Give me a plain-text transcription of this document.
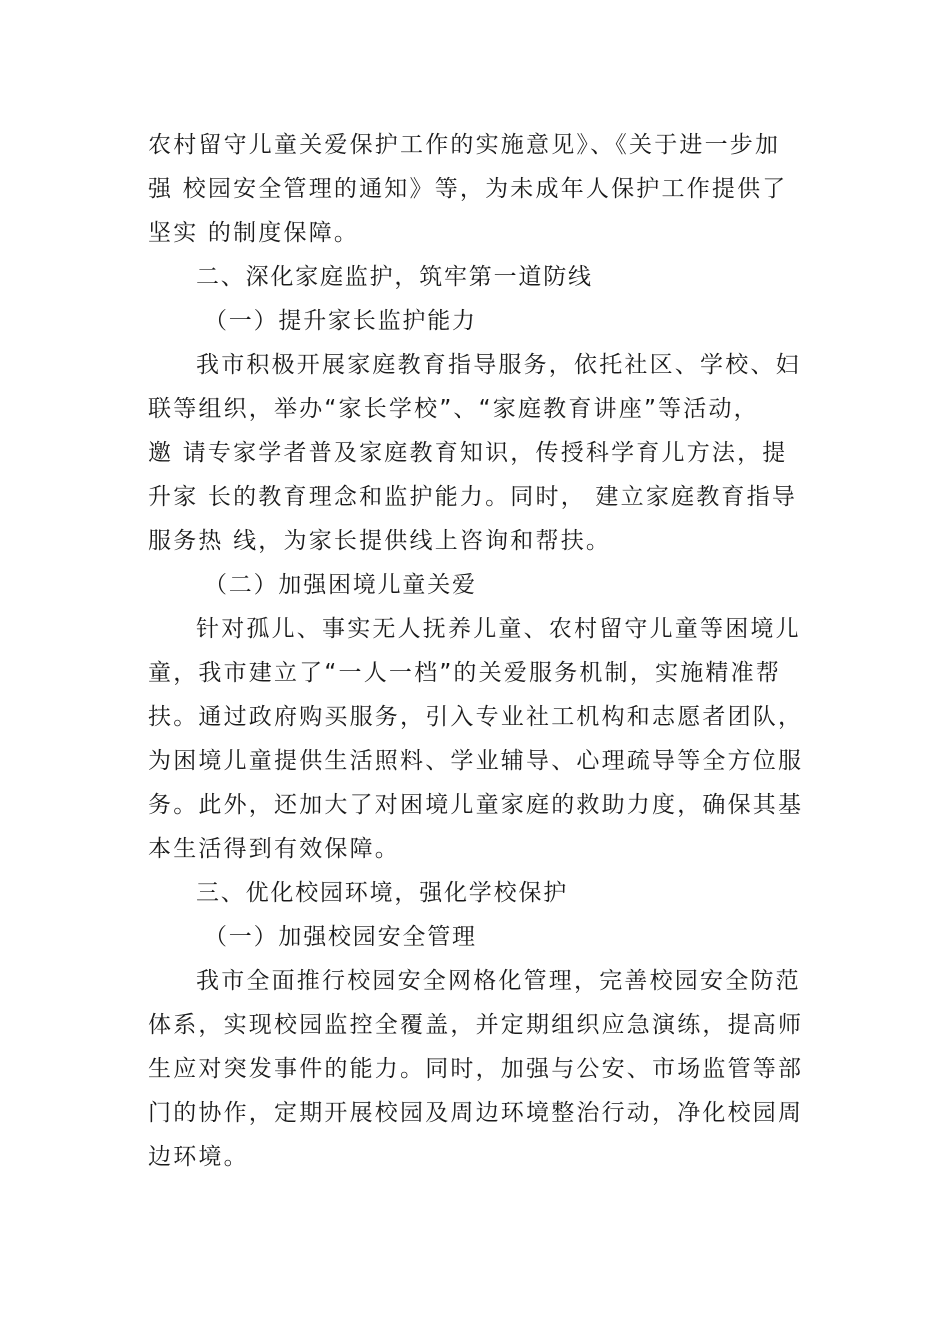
农村留守儿童关爱保护工作的实施意见》、《关于进一步加
强 校园安全管理的通知》等，为未成年人保护工作提供了
坚实 的制度保障。

二、深化家庭监护，筑牢第一道防线
（一）提升家长监护能力

我市积极开展家庭教育指导服务，依托社区、学校、妇
联等组织，举办“家长学校”、“家庭教育讲座”等活动，
邀 请专家学者普及家庭教育知识，传授科学育儿方法，提
升家 长的教育理念和监护能力。同时， 建立家庭教育指导
服务热 线，为家长提供线上咨询和帮扶。

（二）加强困境儿童关爱

针对孤儿、事实无人抚养儿童、农村留守儿童等困境儿
童，我市建立了“一人一档”的关爱服务机制，实施精准帮
扶。通过政府购买服务，引入专业社工机构和志愿者团队，
为困境儿童提供生活照料、学业辅导、心理疏导等全方位服
务。此外，还加大了对困境儿童家庭的救助力度，确保其基
本生活得到有效保障。

三、优化校园环境，强化学校保护
（一）加强校园安全管理

我市全面推行校园安全网格化管理，完善校园安全防范
体系，实现校园监控全覆盖，并定期组织应急演练，提高师
生应对突发事件的能力。同时，加强与公安、市场监管等部
门的协作，定期开展校园及周边环境整治行动，净化校园周
边环境。
